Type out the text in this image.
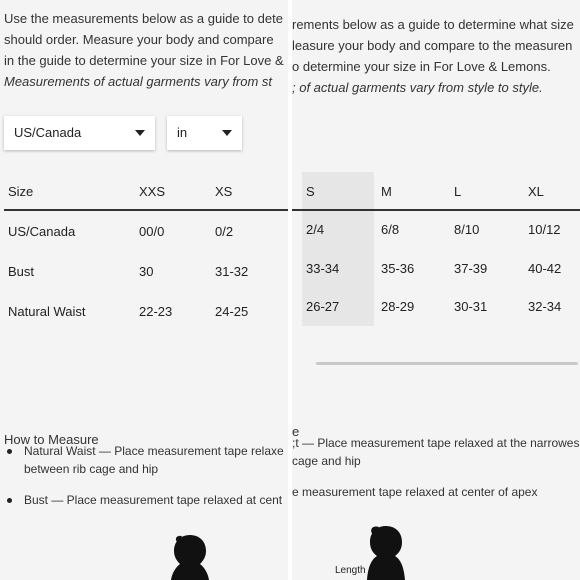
Use the measurements below as a guide to dete
should order. Measure your body and compare
in the guide to determine your size in For Love &
Measurements of actual garments vary from st
US/Canada	in
Size	XXS	XS
US/Canada	00/0	0/2
Bust	30	31-32
Natural Waist	22-23	24-25
How to Measure
Natural Waist — Place measurement tape relaxe
between rib cage and hip
Bust — Place measurement tape relaxed at cent
rements below as a guide to determine what size
leasure your body and compare to the measuren
o determine your size in For Love & Lemons.
; of actual garments vary from style to style.
S	M	L	XL
2/4	6/8	8/10	10/12
33-34	35-36	37-39	40-42
26-27	28-29	30-31	32-34
e
;t — Place measurement tape relaxed at the narrowes
cage and hip
e measurement tape relaxed at center of apex
Length
